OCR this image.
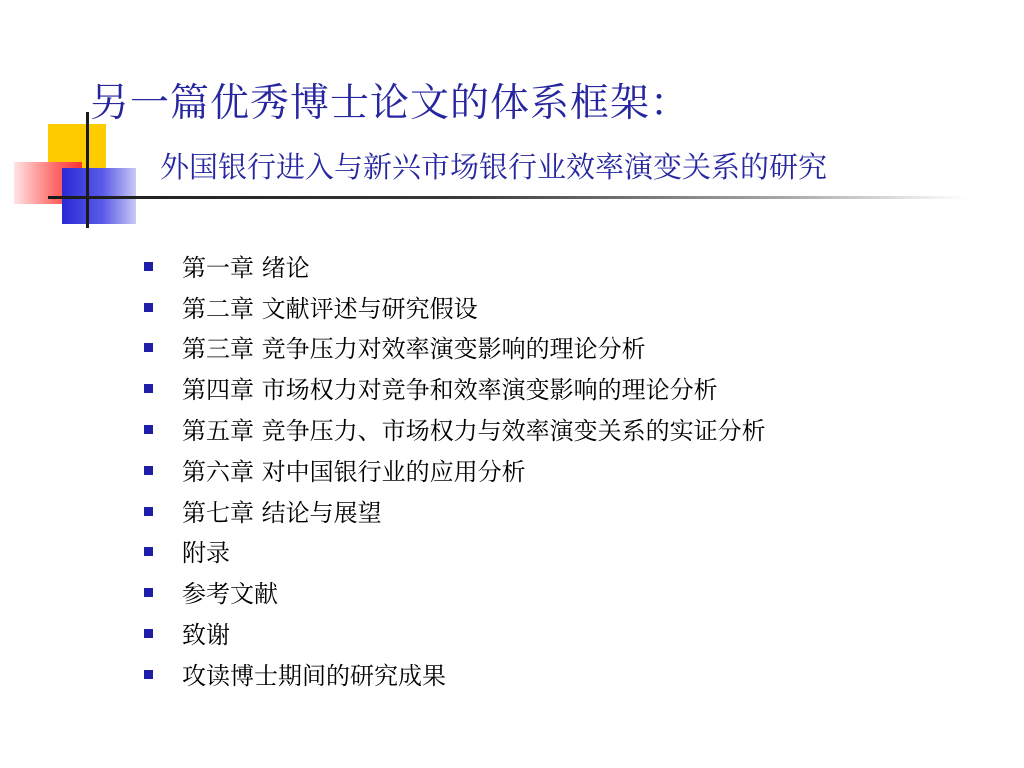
另一篇优秀博士论文的体系框架：
外国银行进入与新兴市场银行业效率演变关系的研究
第一章 绪论
第二章 文献评述与研究假设
第三章 竞争压力对效率演变影响的理论分析
第四章 市场权力对竞争和效率演变影响的理论分析
第五章 竞争压力、市场权力与效率演变关系的实证分析
第六章 对中国银行业的应用分析
第七章 结论与展望
附录
参考文献
致谢
攻读博士期间的研究成果
